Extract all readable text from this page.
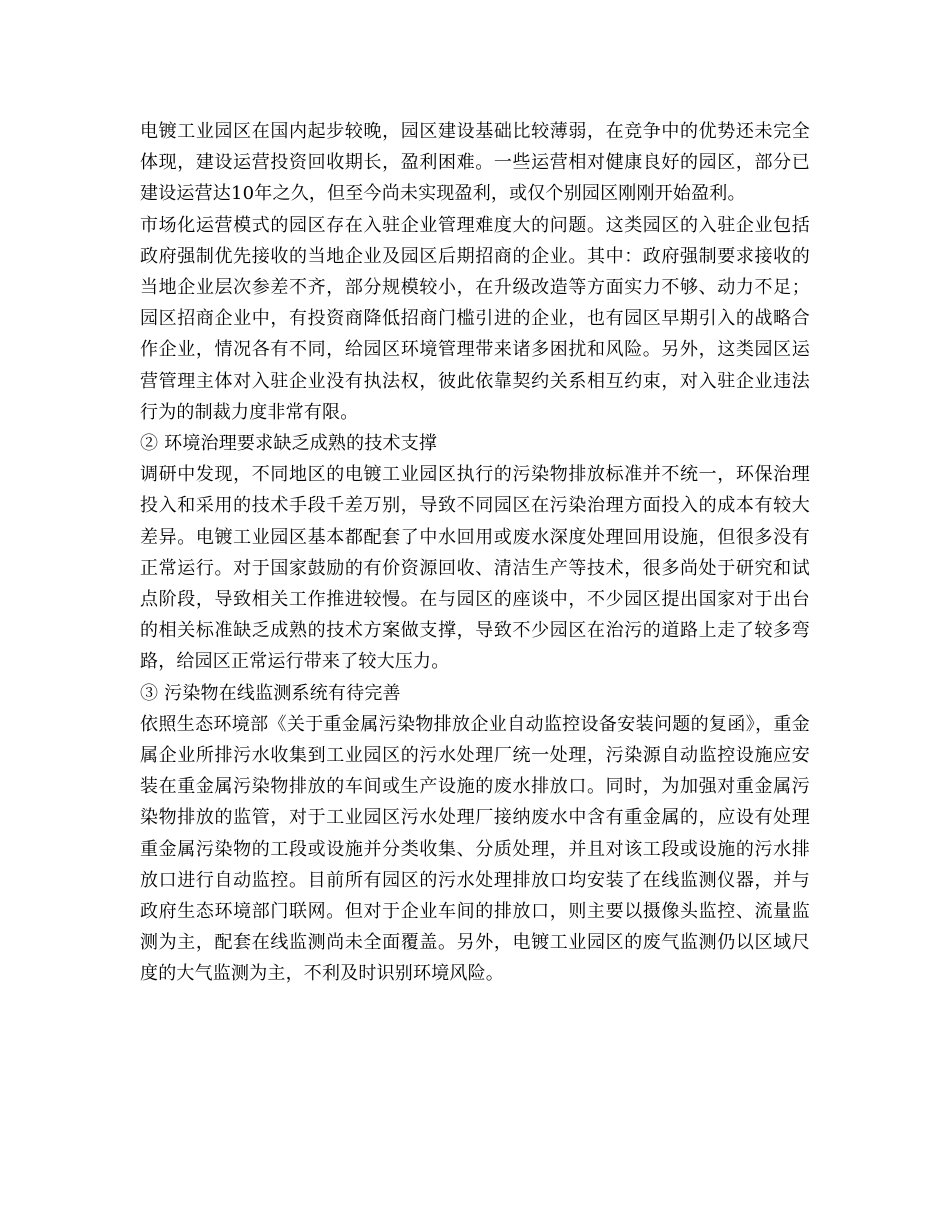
电镀工业园区在国内起步较晚，园区建设基础比较薄弱，在竞争中的优势还未完全体现，建设运营投资回收期长，盈利困难。一些运营相对健康良好的园区，部分已建设运营达10年之久，但至今尚未实现盈利，或仅个别园区刚刚开始盈利。

市场化运营模式的园区存在入驻企业管理难度大的问题。这类园区的入驻企业包括政府强制优先接收的当地企业及园区后期招商的企业。其中：政府强制要求接收的当地企业层次参差不齐，部分规模较小，在升级改造等方面实力不够、动力不足；园区招商企业中，有投资商降低招商门槛引进的企业，也有园区早期引入的战略合作企业，情况各有不同，给园区环境管理带来诸多困扰和风险。另外，这类园区运营管理主体对入驻企业没有执法权，彼此依靠契约关系相互约束，对入驻企业违法行为的制裁力度非常有限。

② 环境治理要求缺乏成熟的技术支撑

调研中发现，不同地区的电镀工业园区执行的污染物排放标准并不统一，环保治理投入和采用的技术手段千差万别，导致不同园区在污染治理方面投入的成本有较大差异。电镀工业园区基本都配套了中水回用或废水深度处理回用设施，但很多没有正常运行。对于国家鼓励的有价资源回收、清洁生产等技术，很多尚处于研究和试点阶段，导致相关工作推进较慢。在与园区的座谈中，不少园区提出国家对于出台的相关标准缺乏成熟的技术方案做支撑，导致不少园区在治污的道路上走了较多弯路，给园区正常运行带来了较大压力。

③ 污染物在线监测系统有待完善

依照生态环境部《关于重金属污染物排放企业自动监控设备安装问题的复函》，重金属企业所排污水收集到工业园区的污水处理厂统一处理，污染源自动监控设施应安装在重金属污染物排放的车间或生产设施的废水排放口。同时，为加强对重金属污染物排放的监管，对于工业园区污水处理厂接纳废水中含有重金属的，应设有处理重金属污染物的工段或设施并分类收集、分质处理，并且对该工段或设施的污水排放口进行自动监控。目前所有园区的污水处理排放口均安装了在线监测仪器，并与政府生态环境部门联网。但对于企业车间的排放口，则主要以摄像头监控、流量监测为主，配套在线监测尚未全面覆盖。另外，电镀工业园区的废气监测仍以区域尺度的大气监测为主，不利及时识别环境风险。
